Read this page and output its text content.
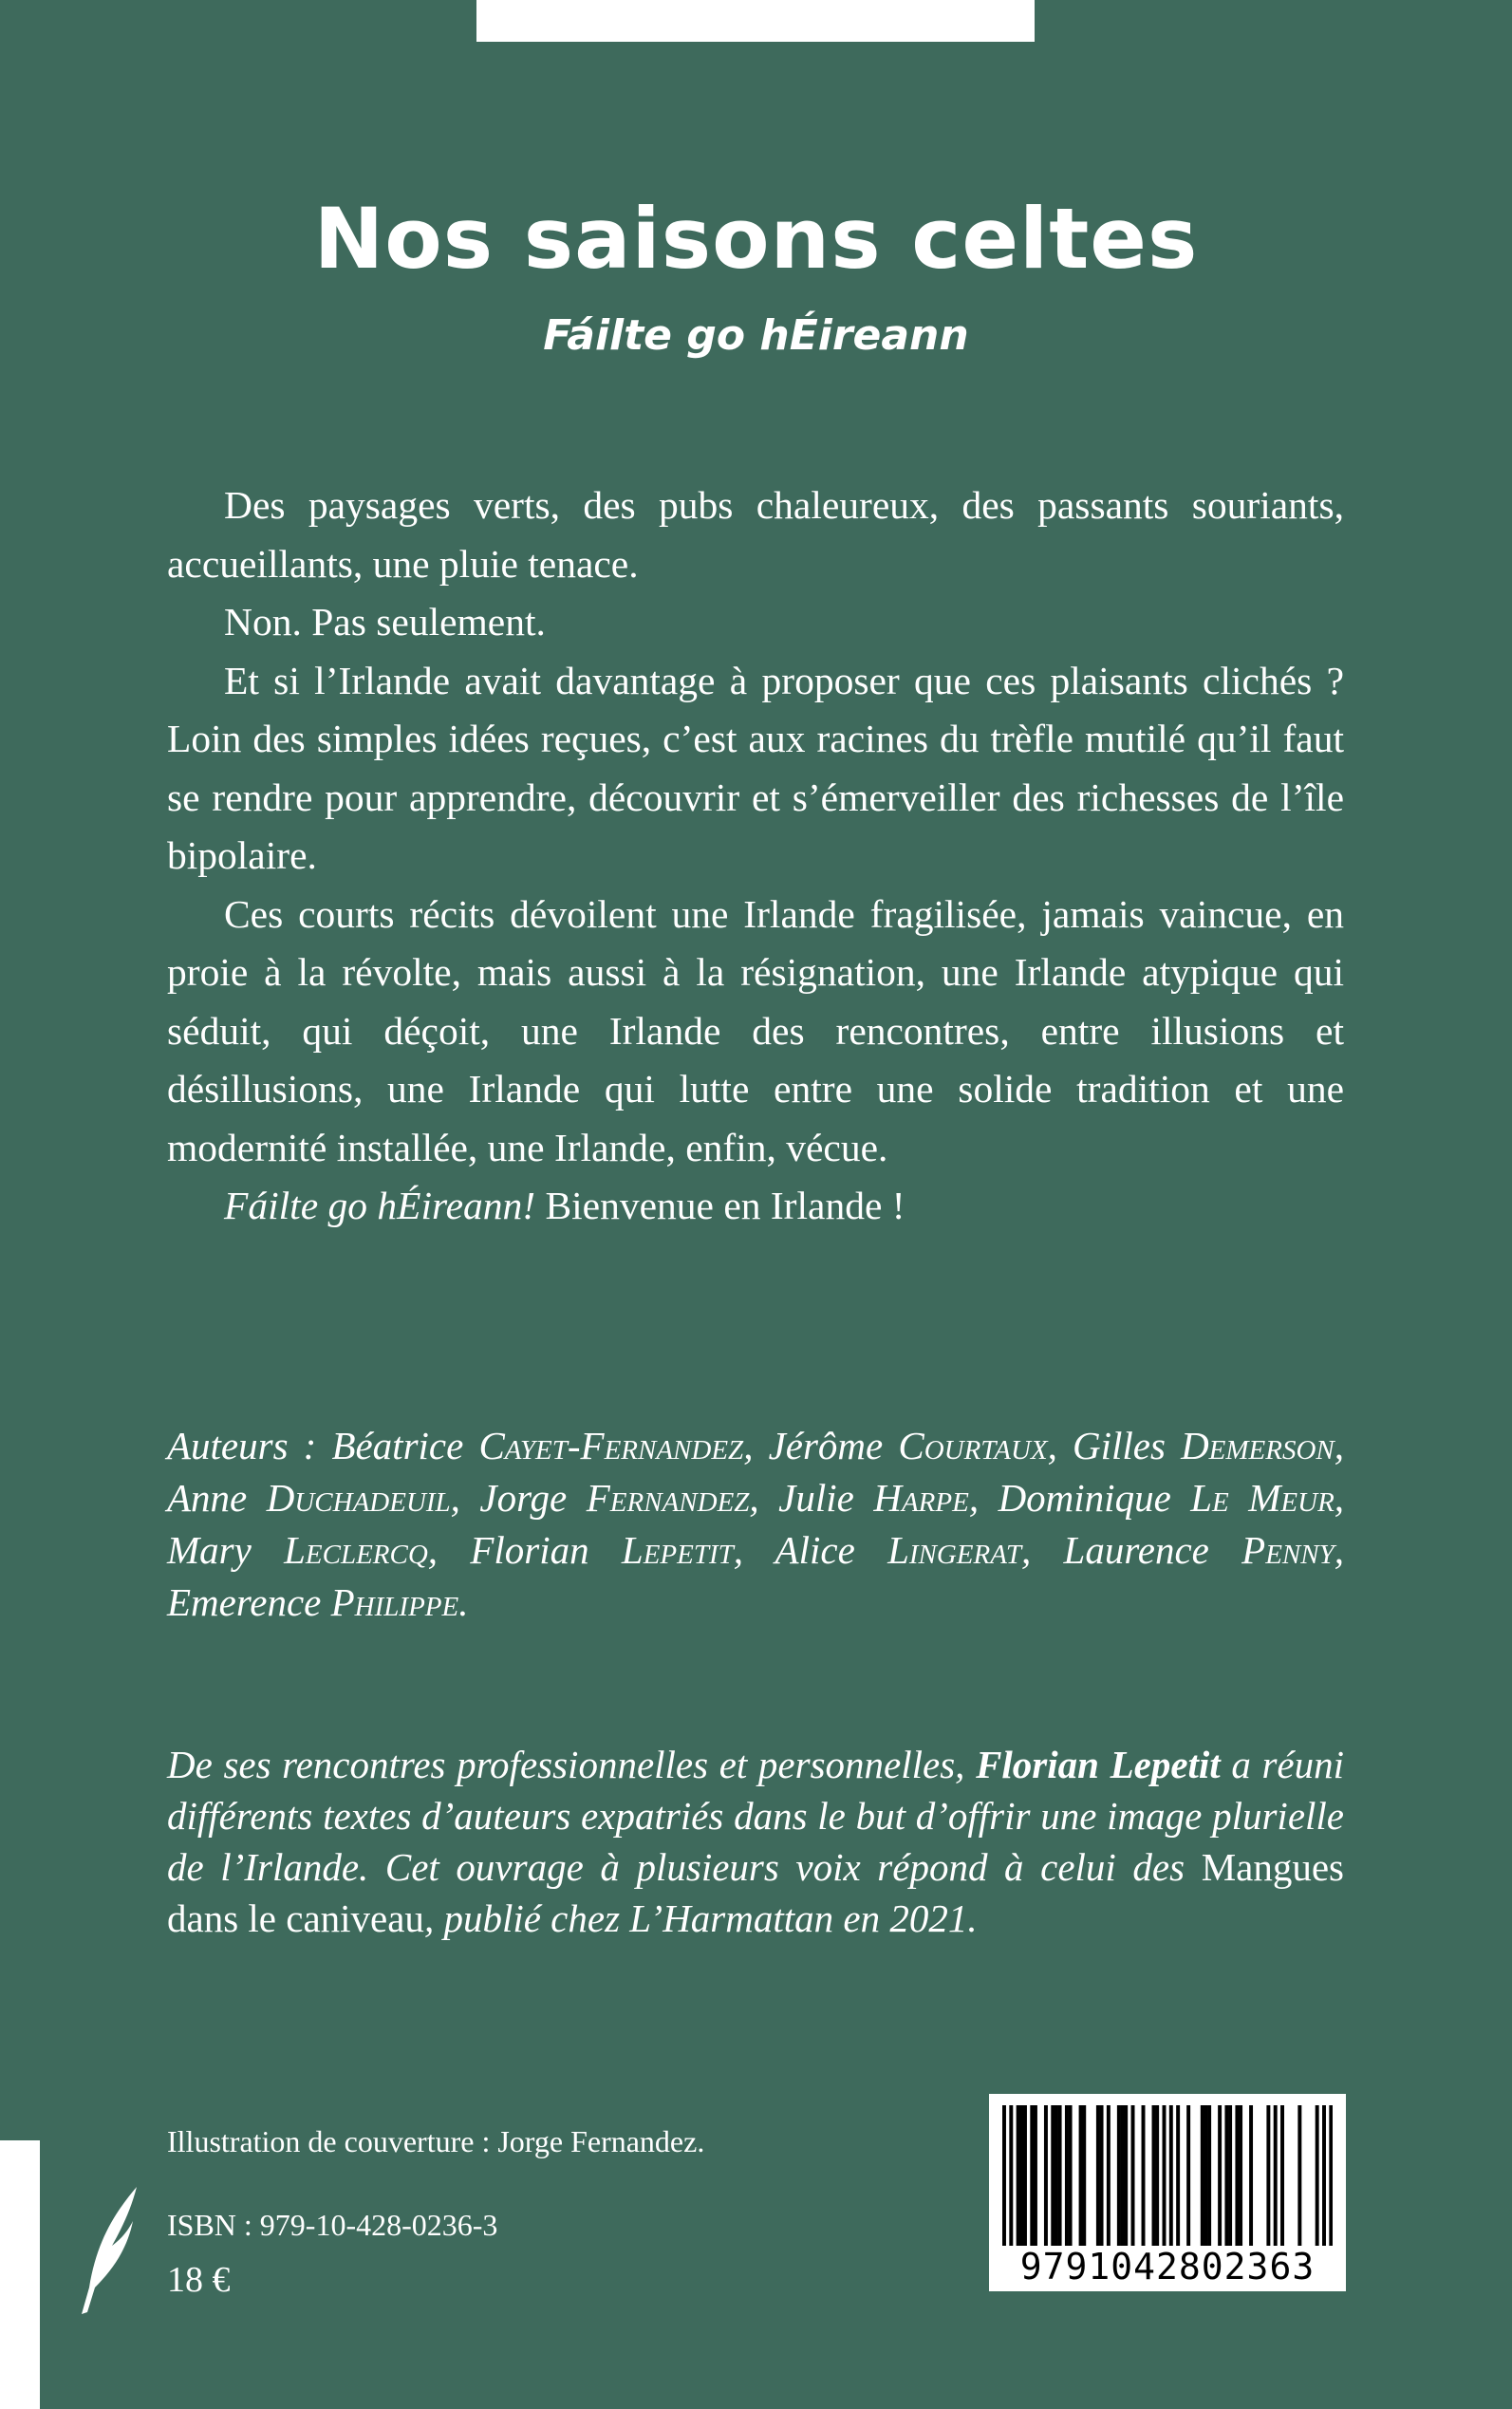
Nos saisons celtes
Fáilte go hÉireann

Des paysages verts, des pubs chaleureux, des passants souriants, accueillants, une pluie tenace.

Non. Pas seulement.

Et si l’Irlande avait davantage à proposer que ces plaisants clichés ? Loin des simples idées reçues, c’est aux racines du trèfle mutilé qu’il faut se rendre pour apprendre, découvrir et s’émerveiller des richesses de l’île bipolaire.

Ces courts récits dévoilent une Irlande fragilisée, jamais vaincue, en proie à la révolte, mais aussi à la résignation, une Irlande atypique qui séduit, qui déçoit, une Irlande des rencontres, entre illusions et désillusions, une Irlande qui lutte entre une solide tradition et une modernité installée, une Irlande, enfin, vécue.

Fáilte go hÉireann! Bienvenue en Irlande !

Auteurs : Béatrice Cayet-Fernandez, Jérôme Courtaux, Gilles Demerson, Anne Duchadeuil, Jorge Fernandez, Julie Harpe, Dominique Le Meur, Mary Leclercq, Florian Lepetit, Alice Lingerat, Laurence Penny, Emerence Philippe.
De ses rencontres professionnelles et personnelles, Florian Lepetit a réuni différents textes d’auteurs expatriés dans le but d’offrir une image plurielle de l’Irlande. Cet ouvrage à plusieurs voix répond à celui des Mangues dans le caniveau, publié chez L’Harmattan en 2021.
Illustration de couverture : Jorge Fernandez.
ISBN : 979-10-428-0236-3
18 €	9791042802363
